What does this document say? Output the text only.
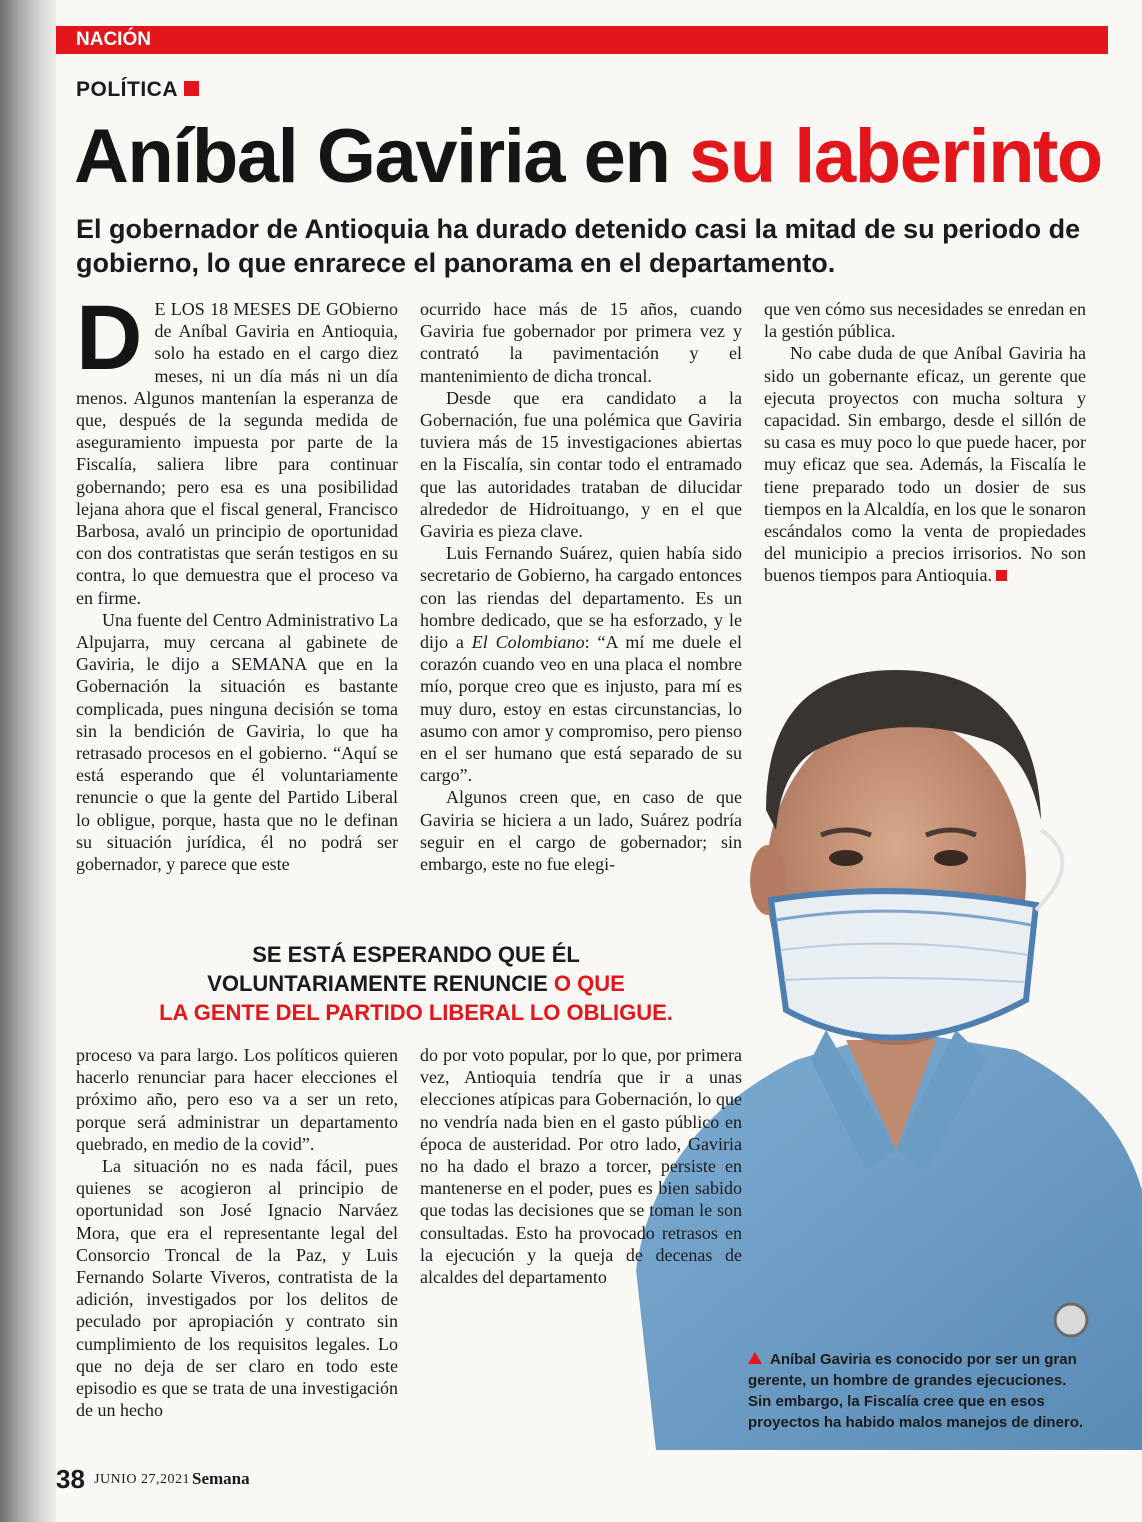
NACIÓN
POLÍTICA
Aníbal Gaviria en su laberinto
El gobernador de Antioquia ha durado detenido casi la mitad de su periodo de gobierno, lo que enrarece el panorama en el departamento.
D E LOS 18 MESES DE GObierno de Aníbal Gaviria en Antioquia, solo ha estado en el cargo diez meses, ni un día más ni un día menos. Algunos mantenían la esperanza de que, después de la segunda medida de aseguramiento impuesta por parte de la Fiscalía, saliera libre para continuar gobernando; pero esa es una posibilidad lejana ahora que el fiscal general, Francisco Barbosa, avaló un principio de oportunidad con dos contratistas que serán testigos en su contra, lo que demuestra que el proceso va en firme.

Una fuente del Centro Administrativo La Alpujarra, muy cercana al gabinete de Gaviria, le dijo a SEMANA que en la Gobernación la situación es bastante complicada, pues ninguna decisión se toma sin la bendición de Gaviria, lo que ha retrasado procesos en el gobierno. “Aquí se está esperando que él voluntariamente renuncie o que la gente del Partido Liberal lo obligue, porque, hasta que no le definan su situación jurídica, él no podrá ser gobernador, y parece que este

ocurrido hace más de 15 años, cuando Gaviria fue gobernador por primera vez y contrató la pavimentación y el mantenimiento de dicha troncal.

Desde que era candidato a la Gobernación, fue una polémica que Gaviria tuviera más de 15 investigaciones abiertas en la Fiscalía, sin contar todo el entramado que las autoridades trataban de dilucidar alrededor de Hidroituango, y en el que Gaviria es pieza clave.

Luis Fernando Suárez, quien había sido secretario de Gobierno, ha cargado entonces con las riendas del departamento. Es un hombre dedicado, que se ha esforzado, y le dijo a El Colombiano: “A mí me duele el corazón cuando veo en una placa el nombre mío, porque creo que es injusto, para mí es muy duro, estoy en estas circunstancias, lo asumo con amor y compromiso, pero pienso en el ser humano que está separado de su cargo”.

Algunos creen que, en caso de que Gaviria se hiciera a un lado, Suárez podría seguir en el cargo de gobernador; sin embargo, este no fue elegi-

que ven cómo sus necesidades se enredan en la gestión pública.

No cabe duda de que Aníbal Gaviria ha sido un gobernante eficaz, un gerente que ejecuta proyectos con mucha soltura y capacidad. Sin embargo, desde el sillón de su casa es muy poco lo que puede hacer, por muy eficaz que sea. Además, la Fiscalía le tiene preparado todo un dosier de sus tiempos en la Alcaldía, en los que le sonaron escándalos como la venta de propiedades del municipio a precios irrisorios. No son buenos tiempos para Antioquia.

SE ESTÁ ESPERANDO QUE ÉL
VOLUNTARIAMENTE RENUNCIE O QUE
LA GENTE DEL PARTIDO LIBERAL LO OBLIGUE.

proceso va para largo. Los políticos quieren hacerlo renunciar para hacer elecciones el próximo año, pero eso va a ser un reto, porque será administrar un departamento quebrado, en medio de la covid”.

La situación no es nada fácil, pues quienes se acogieron al principio de oportunidad son José Ignacio Narváez Mora, que era el representante legal del Consorcio Troncal de la Paz, y Luis Fernando Solarte Viveros, contratista de la adición, investigados por los delitos de peculado por apropiación y contrato sin cumplimiento de los requisitos legales. Lo que no deja de ser claro en todo este episodio es que se trata de una investigación de un hecho

do por voto popular, por lo que, por primera vez, Antioquia tendría que ir a unas elecciones atípicas para Gobernación, lo que no vendría nada bien en el gasto público en época de austeridad. Por otro lado, Gaviria no ha dado el brazo a torcer, persiste en mantenerse en el poder, pues es bien sabido que todas las decisiones que se toman le son consultadas. Esto ha provocado retrasos en la ejecución y la queja de decenas de alcaldes del departamento

Aníbal Gaviria es conocido por ser un gran gerente, un hombre de grandes ejecuciones. Sin embargo, la Fiscalía cree que en esos proyectos ha habido malos manejos de dinero.
38 JUNIO 27,2021 Semana
